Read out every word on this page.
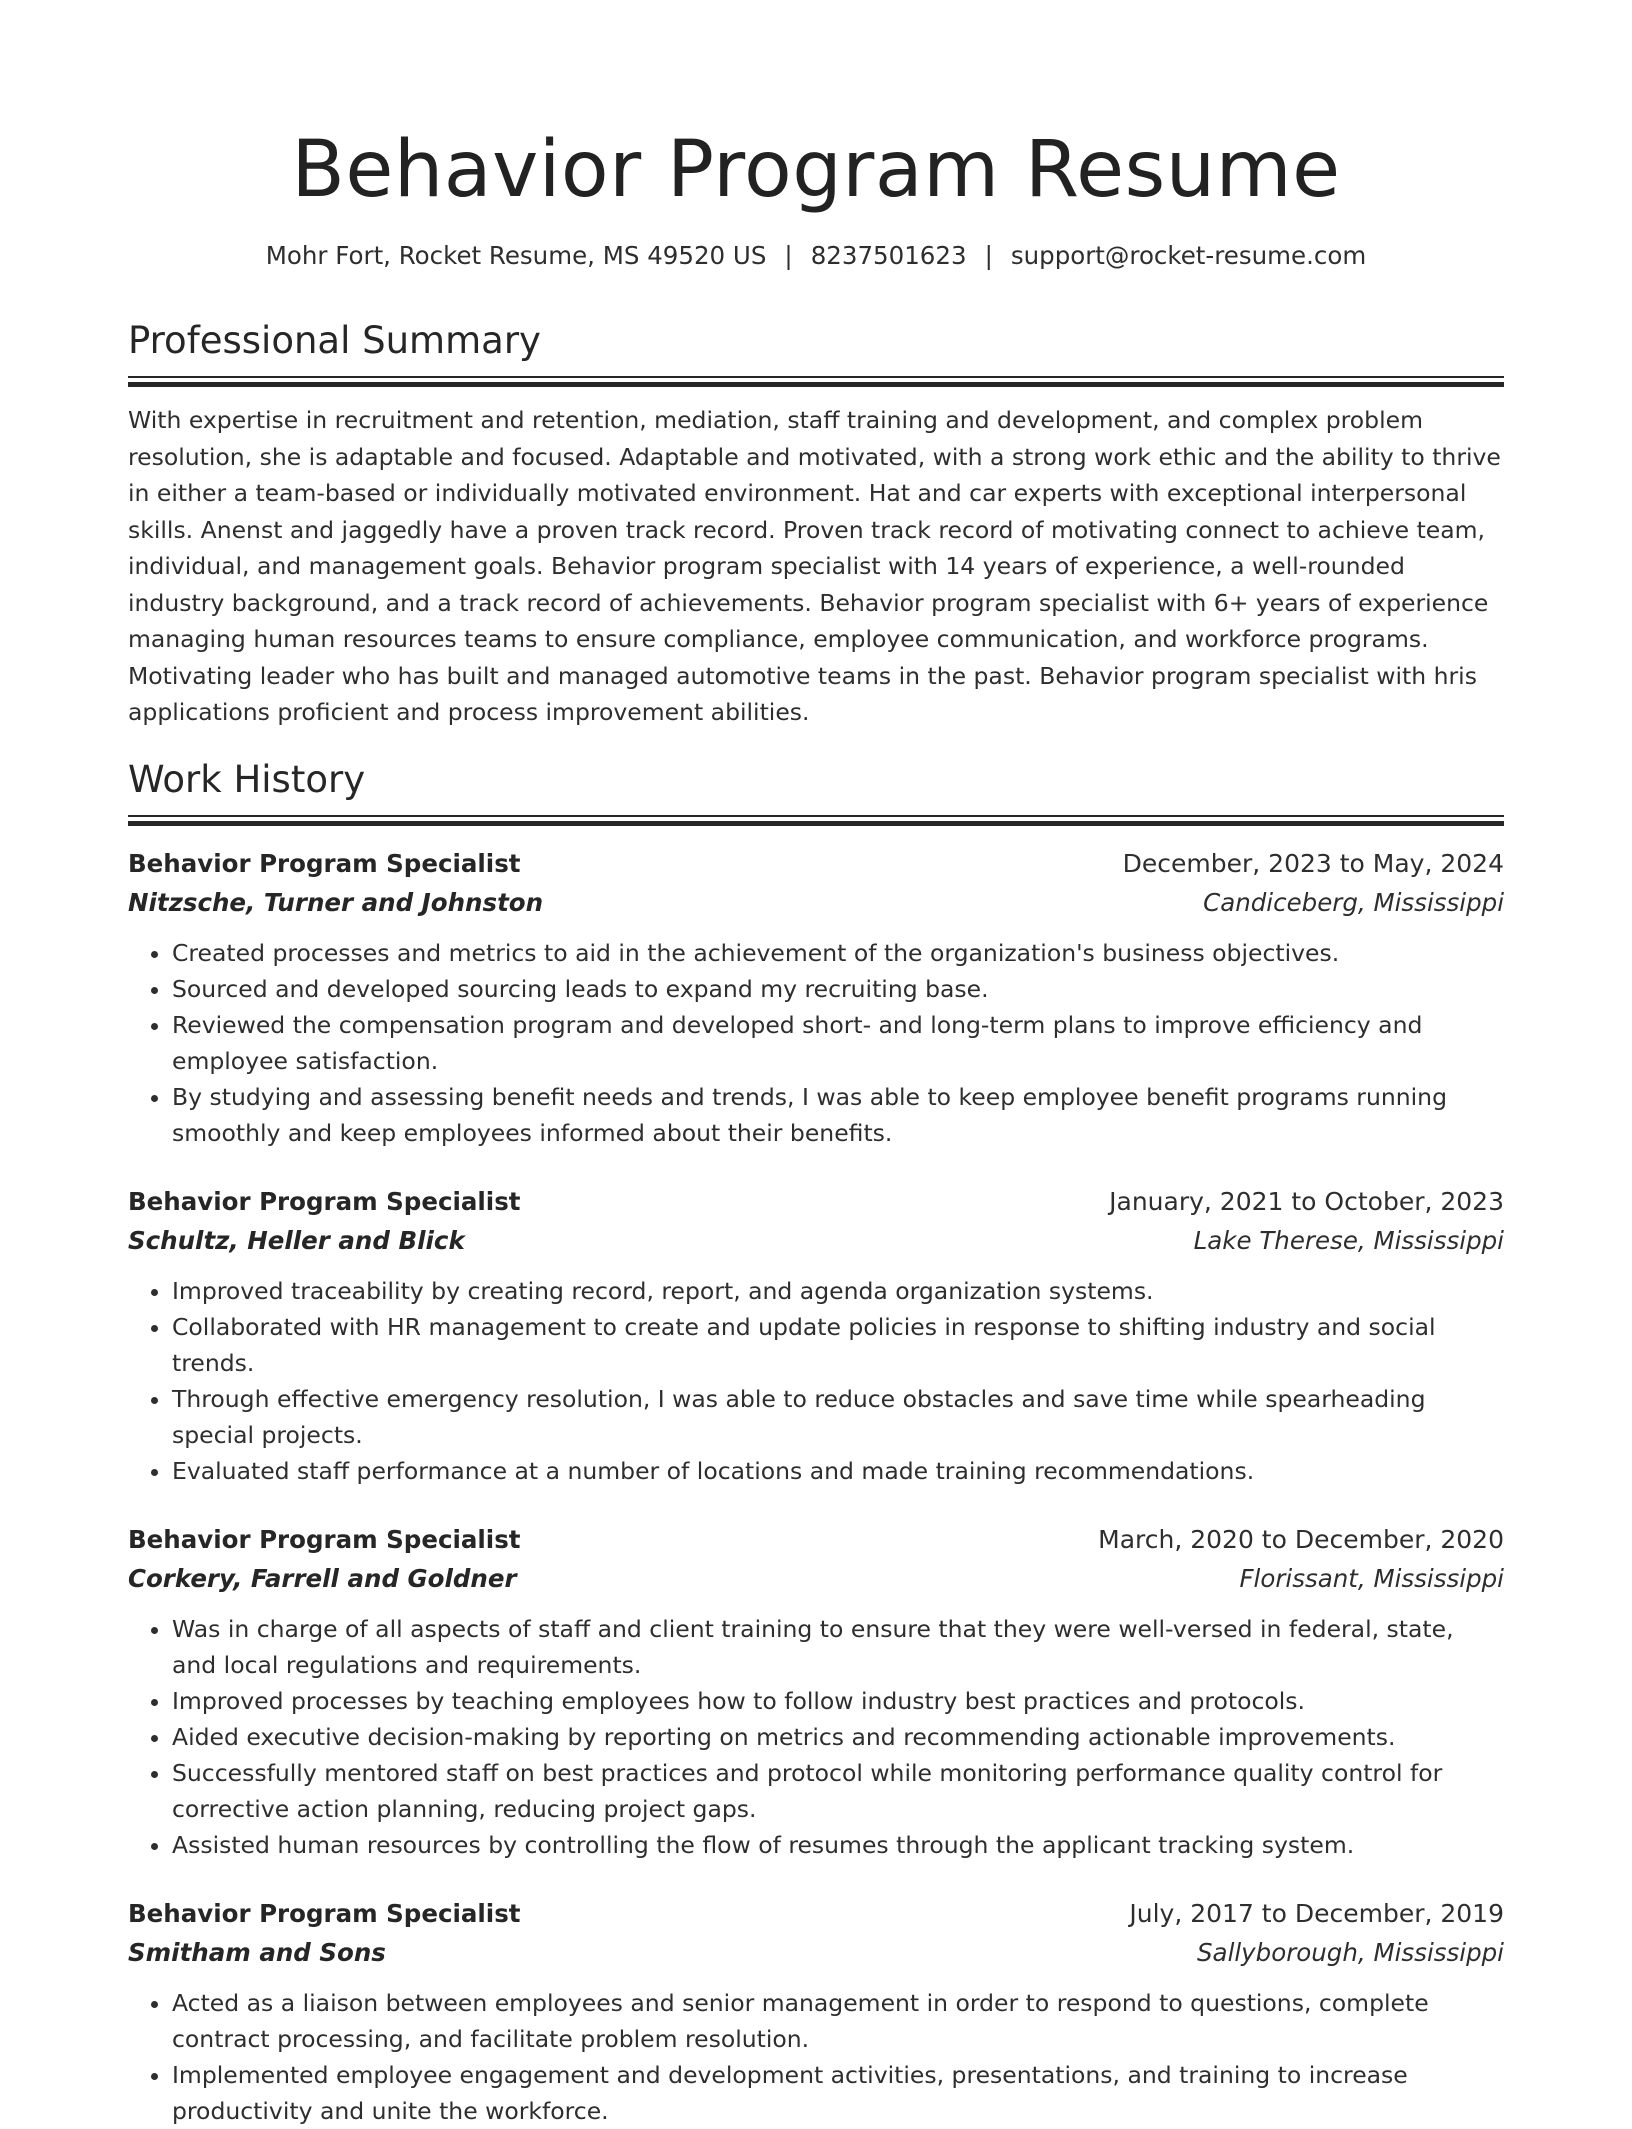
Behavior Program Resume
Mohr Fort, Rocket Resume, MS 49520 US | 8237501623 | support@rocket-resume.com
Professional Summary

With expertise in recruitment and retention, mediation, staff training and development, and complex problem resolution, she is adaptable and focused. Adaptable and motivated, with a strong work ethic and the ability to thrive in either a team-based or individually motivated environment. Hat and car experts with exceptional interpersonal skills. Anenst and jaggedly have a proven track record. Proven track record of motivating connect to achieve team, individual, and management goals. Behavior program specialist with 14 years of experience, a well-rounded industry background, and a track record of achievements. Behavior program specialist with 6+ years of experience managing human resources teams to ensure compliance, employee communication, and workforce programs. Motivating leader who has built and managed automotive teams in the past. Behavior program specialist with hris applications proficient and process improvement abilities.

Work History
Behavior Program Specialist	December, 2023 to May, 2024
Nitzsche, Turner and Johnston	Candiceberg, Mississippi
• Created processes and metrics to aid in the achievement of the organization's business objectives.
• Sourced and developed sourcing leads to expand my recruiting base.
• Reviewed the compensation program and developed short- and long-term plans to improve efficiency and employee satisfaction.
• By studying and assessing benefit needs and trends, I was able to keep employee benefit programs running smoothly and keep employees informed about their benefits.
Behavior Program Specialist	January, 2021 to October, 2023
Schultz, Heller and Blick	Lake Therese, Mississippi
• Improved traceability by creating record, report, and agenda organization systems.
• Collaborated with HR management to create and update policies in response to shifting industry and social trends.
• Through effective emergency resolution, I was able to reduce obstacles and save time while spearheading special projects.
• Evaluated staff performance at a number of locations and made training recommendations.
Behavior Program Specialist	March, 2020 to December, 2020
Corkery, Farrell and Goldner	Florissant, Mississippi
• Was in charge of all aspects of staff and client training to ensure that they were well-versed in federal, state, and local regulations and requirements.
• Improved processes by teaching employees how to follow industry best practices and protocols.
• Aided executive decision-making by reporting on metrics and recommending actionable improvements.
• Successfully mentored staff on best practices and protocol while monitoring performance quality control for corrective action planning, reducing project gaps.
• Assisted human resources by controlling the flow of resumes through the applicant tracking system.
Behavior Program Specialist	July, 2017 to December, 2019
Smitham and Sons	Sallyborough, Mississippi
• Acted as a liaison between employees and senior management in order to respond to questions, complete contract processing, and facilitate problem resolution.
• Implemented employee engagement and development activities, presentations, and training to increase productivity and unite the workforce.
